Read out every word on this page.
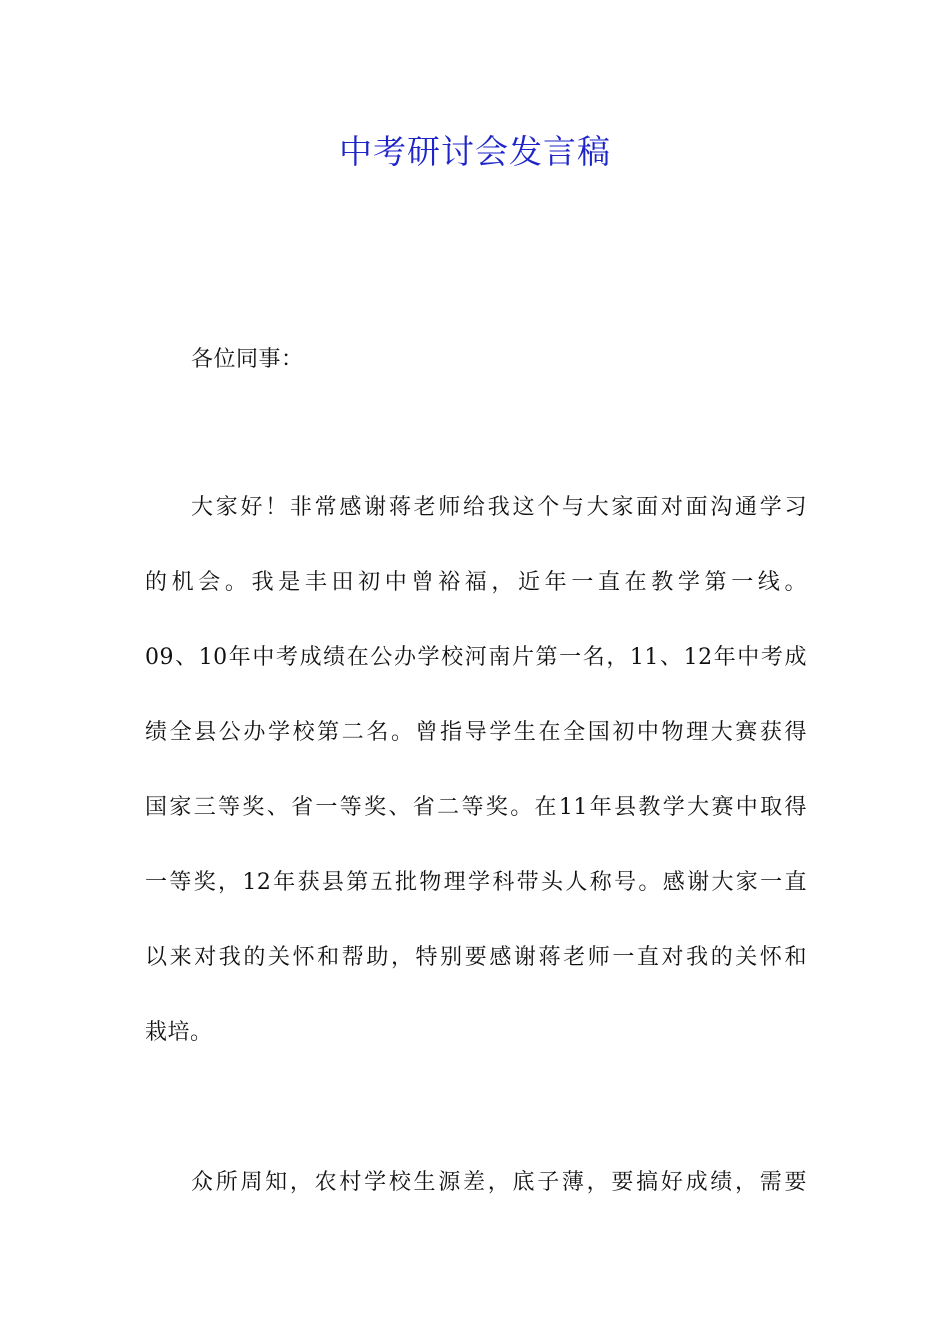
中考研讨会发言稿

各位同事：

大家好！非常感谢蒋老师给我这个与大家面对面沟通学习
的机会。我是丰田初中曾裕福，近年一直在教学第一线。
09、10年中考成绩在公办学校河南片第一名，11、12年中考成
绩全县公办学校第二名。曾指导学生在全国初中物理大赛获得
国家三等奖、省一等奖、省二等奖。在11年县教学大赛中取得
一等奖，12年获县第五批物理学科带头人称号。感谢大家一直
以来对我的关怀和帮助，特别要感谢蒋老师一直对我的关怀和
栽培。
众所周知，农村学校生源差，底子薄，要搞好成绩，需要
